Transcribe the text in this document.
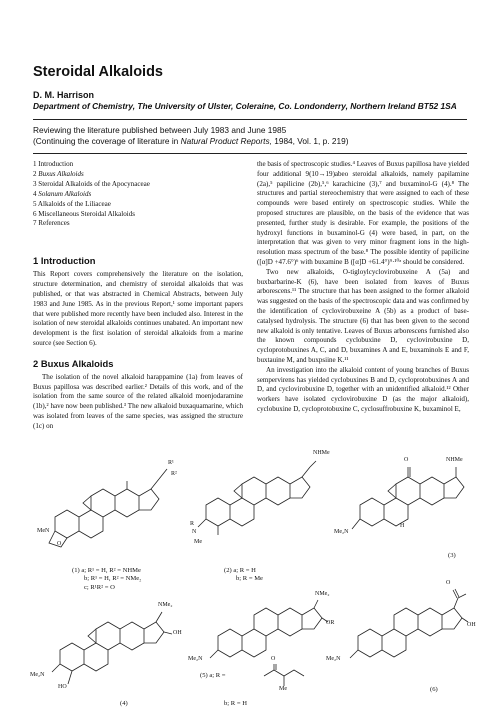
Steroidal Alkaloids
D. M. Harrison
Department of Chemistry, The University of Ulster, Coleraine, Co. Londonderry, Northern Ireland BT52 1SA
Reviewing the literature published between July 1983 and June 1985
(Continuing the coverage of literature in Natural Product Reports, 1984, Vol. 1, p. 219)
1 Introduction
2 Buxus Alkaloids
3 Steroidal Alkaloids of the Apocynaceae
4 Solanum Alkaloids
5 Alkaloids of the Liliaceae
6 Miscellaneous Steroidal Alkaloids
7 References
1 Introduction

This Report covers comprehensively the literature on the isolation, structure determination, and chemistry of steroidal alkaloids that was published, or that was abstracted in Chemical Abstracts, between July 1983 and June 1985. As in the previous Report,¹ some important papers that were published more recently have been included also. Interest in the isolation of new steroidal alkaloids continues unabated. An important new development is the first isolation of steroidal alkaloids from a marine source (see Section 6).

2 Buxus Alkaloids

The isolation of the novel alkaloid harappamine (1a) from leaves of Buxus papillosa was described earlier.² Details of this work, and of the isolation from the same source of the related alkaloid moenjodaramine (1b),² have now been published.³ The new alkaloid buxaquamarine, which was isolated from leaves of the same species, was assigned the structure (1c) on

the basis of spectroscopic studies.⁴ Leaves of Buxus papillosa have yielded four additional 9(10→19)abeo steroidal alkaloids, namely papilamine (2a),⁵ papilicine (2b),⁵,⁶ karachicine (3),⁷ and buxaminol-G (4).⁸ The structures and partial stereochemistry that were assigned to each of these compounds were based entirely on spectroscopic studies. While the proposed structures are plausible, on the basis of the evidence that was presented, further study is desirable. For example, the positions of the hydroxyl functions in buxaminol-G (4) were based, in part, on the interpretation that was given to very minor fragment ions in the high-resolution mass spectrum of the base.⁸ The possible identity of papilicine ([α]D +47.6°)⁶ with buxamine B ([α]D +61.4°)⁹·¹⁰ᵃ should be considered.

Two new alkaloids, O-tigloylcyclovirobuxeine A (5a) and buxbarbarine-K (6), have been isolated from leaves of Buxus arborescens.¹¹ The structure that has been assigned to the former alkaloid was suggested on the basis of the spectroscopic data and was confirmed by the identification of cyclovirobuxeine A (5b) as a product of base-catalysed hydrolysis. The structure (6) that has been given to the second new alkaloid is only tentative. Leaves of Buxus arborescens furnished also the known compounds cyclobuxine D, cyclovirobuxine D, cycloprotobuxines A, C, and D, buxamines A and E, buxaminols E and F, buxtauine M, and buxpsiine K.¹¹

An investigation into the alkaloid content of young branches of Buxus sempervirens has yielded cyclobuxines B and D, cycloprotobuxines A and D, and cyclovirobuxine D, together with an unidentified alkaloid.¹² Other workers have isolated cyclovirobuxine D (as the major alkaloid), cyclobuxine D, cycloprotobuxine C, cyclosuffrobuxine K, buxaminol E,

R¹
R²
MeN
O
(1) a; R¹ = H, R² = NHMe
b; R¹ = H, R² = NMe₂
c; R¹R² = O
NHMe
R
N
Me
(2) a; R = H
b; R = Me
O	NHMe
Me₂N
H
(3)
NMe₂
OH
Me₂N
HO
(4)
NMe₂
OR
Me₂N
(5) a; R =
O
Me
b; R = H
O
OH
Me₂N
(6)
